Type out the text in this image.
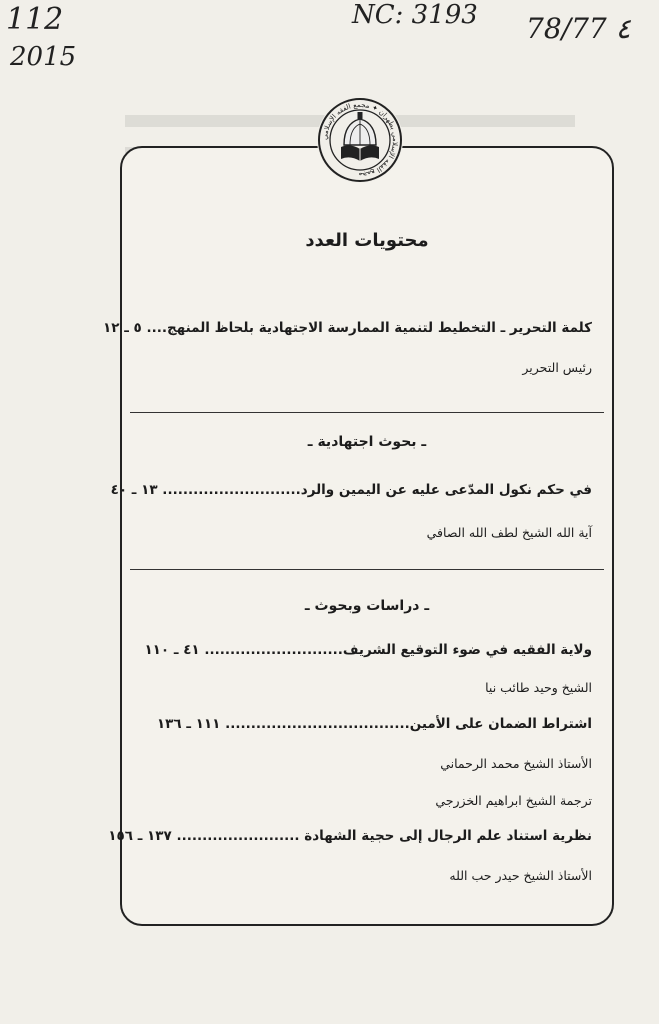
112
2015
NC: 3193 78/77 ٤
مجمع الفقه الإسلامي بطهران ✦ مجمع الفقه الإسلامي
محتويات العدد
كلمة التحرير ـ التخطيط لتنمية الممارسة الاجتهادية بلحاظ المنهج.... ٥ ـ ١٢
رئيس التحرير
ـ بحوث اجتهادية ـ
في حكم نكول المدّعى عليه عن اليمين والرد........................... ١٣ ـ ٤٠
آية الله الشيخ لطف الله الصافي
ـ دراسات وبحوث ـ
ولاية الفقيه في ضوء التوقيع الشريف........................... ٤١ ـ ١١٠
الشيخ وحيد طائب نيا
اشتراط الضمان على الأمين.................................... ١١١ ـ ١٣٦
الأستاذ الشيخ محمد الرحماني
ترجمة الشيخ ابراهيم الخزرجي
نظرية استناد علم الرجال إلى حجية الشهادة ........................ ١٣٧ ـ ١٥٦
الأستاذ الشيخ حيدر حب الله
